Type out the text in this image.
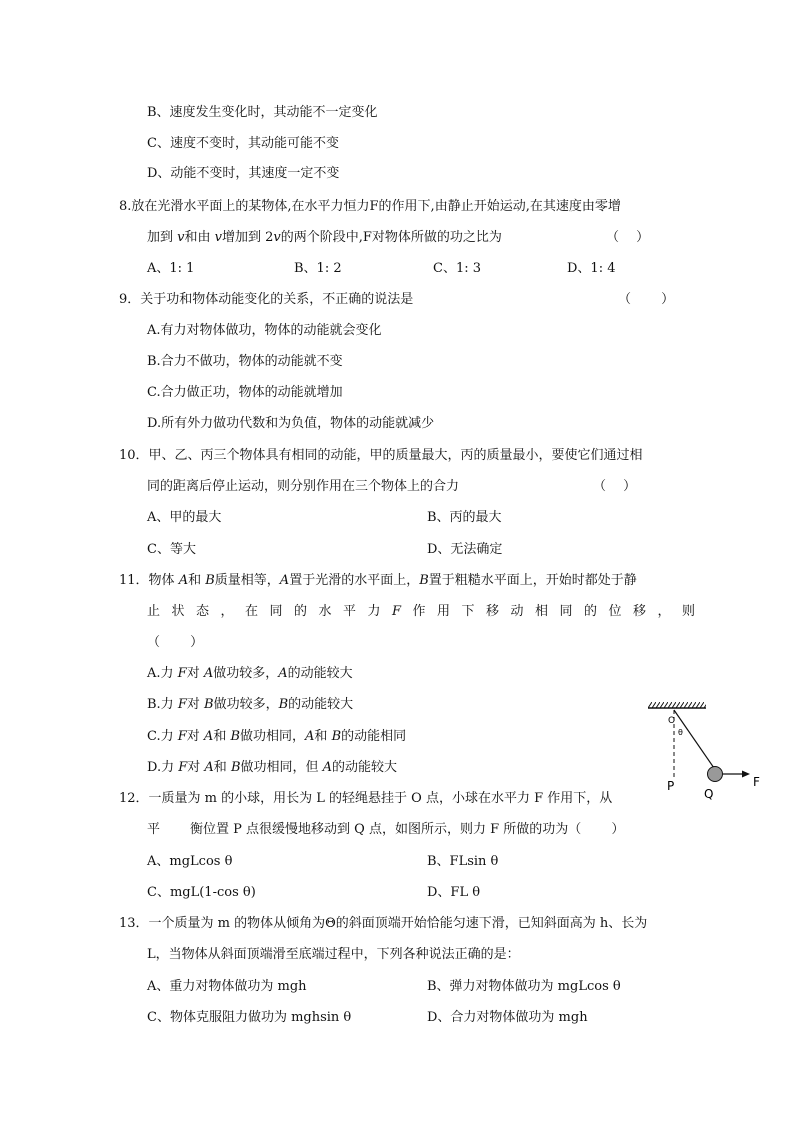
B、速度发生变化时，其动能不一定变化
C、速度不变时，其动能可能不变
D、动能不变时，其速度一定不变
8.放在光滑水平面上的某物体,在水平力恒力F的作用下,由静止开始运动,在其速度由零增
加到 v和由 v增加到 2v的两个阶段中,F对物体所做的功之比为	（　 ）
A、1: 1	B、1: 2	C、1: 3	D、1: 4
9．关于功和物体动能变化的关系，不正确的说法是	（　　 ）
A.有力对物体做功，物体的动能就会变化
B.合力不做功，物体的动能就不变
C.合力做正功，物体的动能就增加
D.所有外力做功代数和为负值，物体的动能就减少
10．甲、乙、丙三个物体具有相同的动能，甲的质量最大，丙的质量最小，要使它们通过相
同的距离后停止运动，则分别作用在三个物体上的合力	（　 ）
A、甲的最大	B、丙的最大
C、等大	D、无法确定
11．物体 A和 B质量相等，A置于光滑的水平面上，B置于粗糙水平面上，开始时都处于静
止状态，在同的水平力F作用下移动相同的位移，则
（　　 ）
A.力 F对 A做功较多，A的动能较大
B.力 F对 B做功较多，B的动能较大
C.力 F对 A和 B做功相同，A和 B的动能相同
D.力 F对 A和 B做功相同，但 A的动能较大
12．一质量为 m 的小球，用长为 L 的轻绳悬挂于 O 点，小球在水平力 F 作用下，从
平 衡位置 P 点很缓慢地移动到 Q 点，如图所示，则力 F 所做的功为（　　 ）
A、mgLcos θ	B、FLsin θ
C、mgL(1-cos θ)	D、FL θ
O
θ
P
Q
F
13．一个质量为 m 的物体从倾角为Θ的斜面顶端开始恰能匀速下滑，已知斜面高为 h、长为
L，当物体从斜面顶端滑至底端过程中，下列各种说法正确的是：
A、重力对物体做功为 mgh	B、弹力对物体做功为 mgLcos θ
C、物体克服阻力做功为 mghsin θ	D、合力对物体做功为 mgh
